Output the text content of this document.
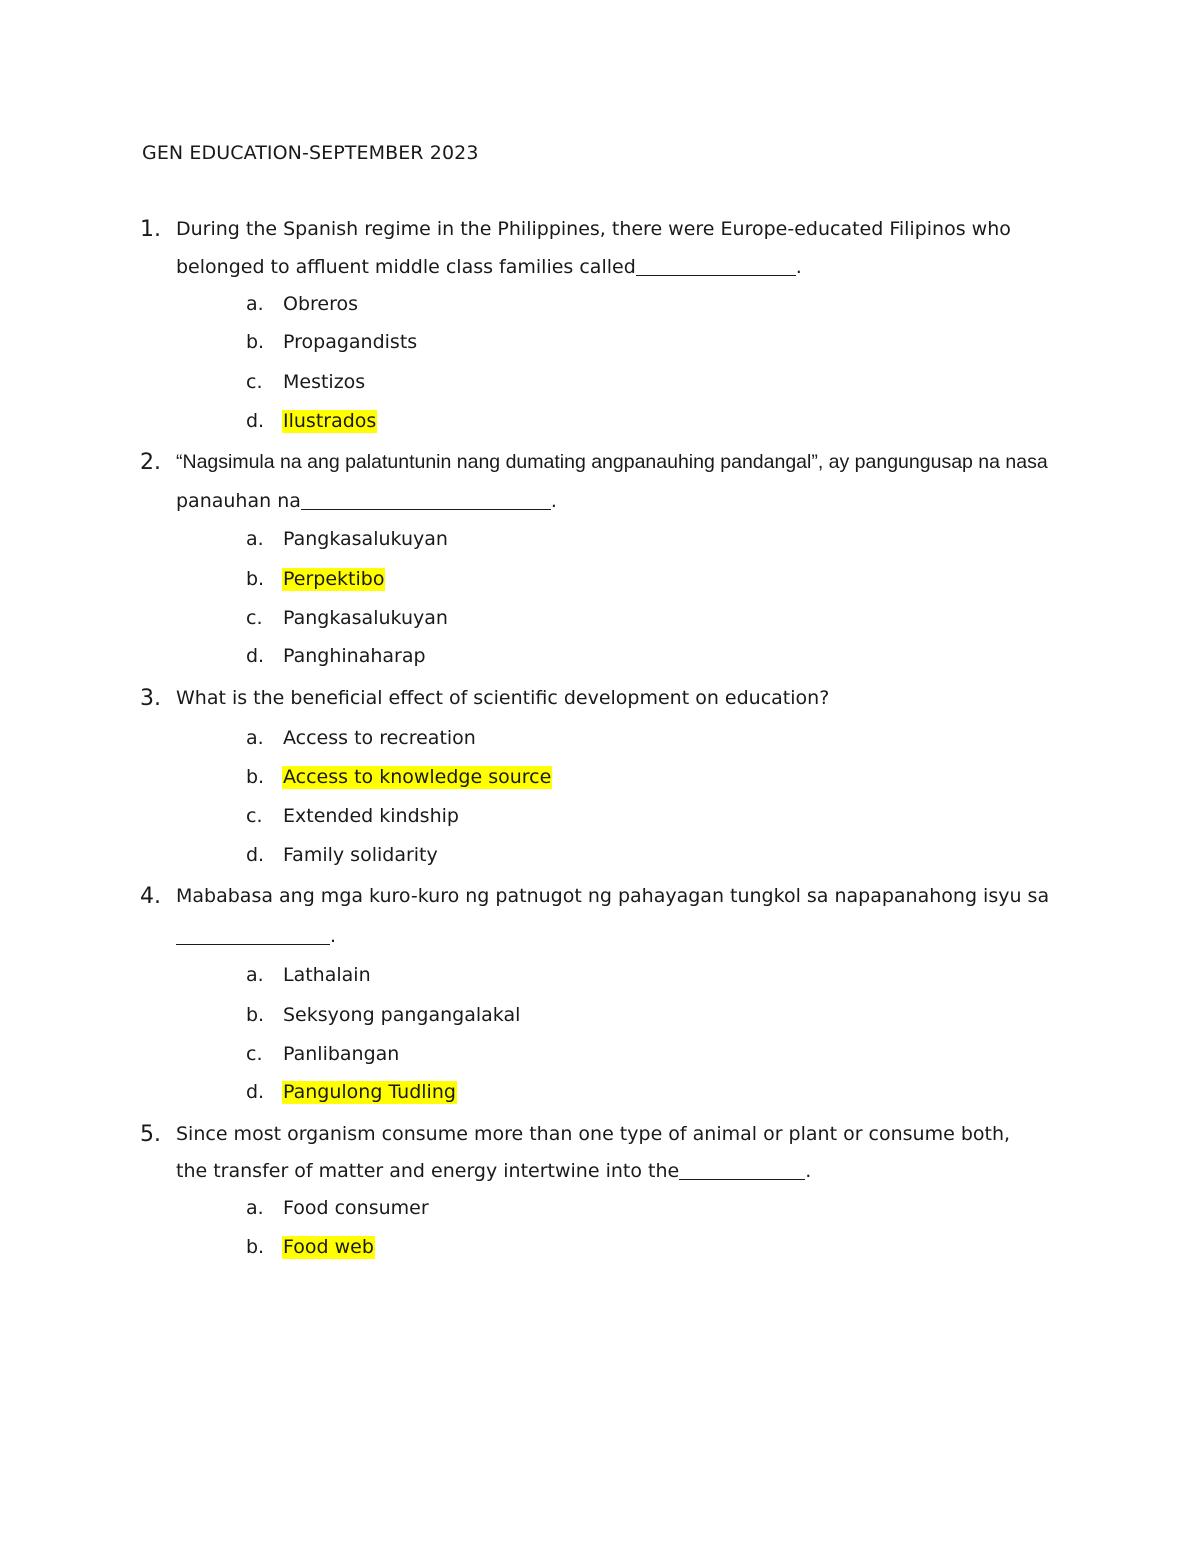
GEN EDUCATION-SEPTEMBER 2023
1. During the Spanish regime in the Philippines, there were Europe-educated Filipinos who
belonged to affluent middle class families called	.
a. Obreros
b. Propagandists
c. Mestizos
d. Ilustrados
2. “Nagsimula na ang palatuntunin nang dumating angpanauhing pandangal”, ay pangungusap na nasa
panauhan na	.
a. Pangkasalukuyan
b. Perpektibo
c. Pangkasalukuyan
d. Panghinaharap
3. What is the beneficial effect of scientific development on education?
a. Access to recreation
b. Access to knowledge source
c. Extended kindship
d. Family solidarity
4. Mababasa ang mga kuro-kuro ng patnugot ng pahayagan tungkol sa napapanahong isyu sa
.
a. Lathalain
b. Seksyong pangangalakal
c. Panlibangan
d. Pangulong Tudling
5. Since most organism consume more than one type of animal or plant or consume both,
the transfer of matter and energy intertwine into the	.
a. Food consumer
b. Food web
